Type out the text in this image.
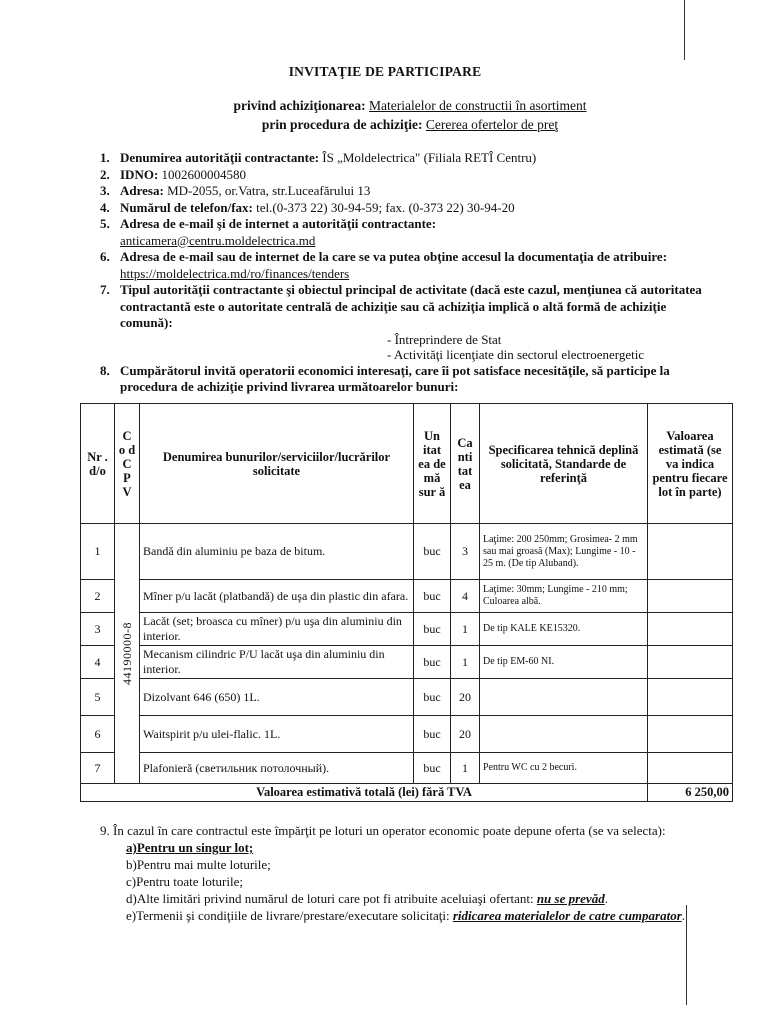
INVITAŢIE DE PARTICIPARE
privind achiziţionarea: Materialelor de constructii în asortiment
prin procedura de achiziţie: Cererea ofertelor de preţ
1. Denumirea autorităţii contractante: ÎS „Moldelectrica" (Filiala RETÎ Centru)
2. IDNO: 1002600004580
3. Adresa: MD-2055, or.Vatra, str.Luceafărului 13
4. Numărul de telefon/fax: tel.(0-373 22) 30-94-59; fax. (0-373 22) 30-94-20
5. Adresa de e-mail şi de internet a autorităţii contractante:
anticamera@centru.moldelectrica.md
6. Adresa de e-mail sau de internet de la care se va putea obţine accesul la documentaţia de atribuire: https://moldelectrica.md/ro/finances/tenders
7. Tipul autorităţii contractante şi obiectul principal de activitate (dacă este cazul, menţiunea că autoritatea contractantă este o autoritate centrală de achiziţie sau că achiziţia implică o altă formă de achiziţie comună):
- Întreprindere de Stat
- Activităţi licenţiate din sectorul electroenergetic
8. Cumpărătorul invită operatorii economici interesaţi, care îi pot satisface necesităţile, să participe la procedura de achiziţie privind livrarea următoarelor bunuri:
Nr . d/o	C o d C P V	Denumirea bunurilor/serviciilor/lucrărilor solicitate	Un itat ea de mă sur ă	Ca nti tat ea	Specificarea tehnică deplină solicitată, Standarde de referinţă	Valoarea estimată (se va indica pentru fiecare lot în parte)
1	44190000-8	Bandă din aluminiu pe baza de bitum.	buc	3	Laţime: 200 250mm; Grosimea- 2 mm sau mai groasă (Max); Lungime - 10 - 25 m. (De tip Aluband).	
2		Mîner p/u lacăt (platbandă) de uşa din plastic din afara.	buc	4	Laţime: 30mm; Lungime - 210 mm; Culoarea albă.	
3		Lacăt (set; broasca cu mîner) p/u uşa din aluminiu din interior.	buc	1	De tip KALE KE15320.	
4		Mecanism cilindric P/U lacăt uşa din aluminiu din interior.	buc	1	De tip EM-60 NI.	
5		Dizolvant 646 (650) 1L.	buc	20		
6		Waitspirit p/u ulei-flalic. 1L.	buc	20		
7		Plafonieră (светильник потолочный).	buc	1	Pentru WC cu 2 becuri.	
Valoarea estimativă totală (lei) fără TVA						6 250,00
9. În cazul în care contractul este împărţit pe loturi un operator economic poate depune oferta (se va selecta):
a)Pentru un singur lot;
b)Pentru mai multe loturile;
c)Pentru toate loturile;
d)Alte limitări privind numărul de loturi care pot fi atribuite aceluiaşi ofertant: nu se prevăd.
e)Termenii şi condiţiile de livrare/prestare/executare solicitaţi: ridicarea materialelor de catre cumparator.
